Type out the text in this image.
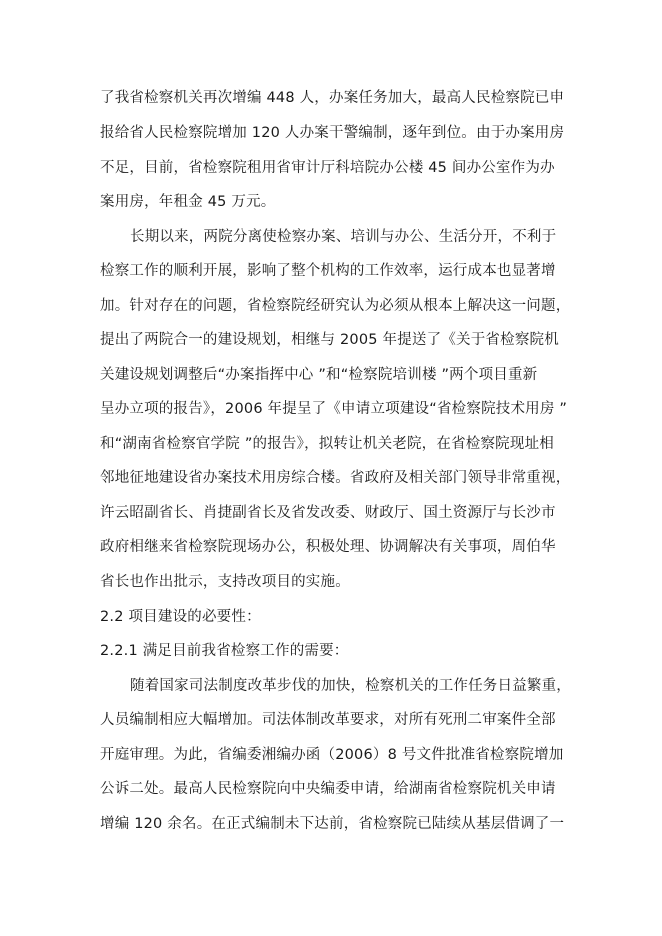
了我省检察机关再次增编 448 人，办案任务加大，最高人民检察院已申
报给省人民检察院增加 120 人办案干警编制，逐年到位。由于办案用房
不足，目前，省检察院租用省审计厅科培院办公楼 45 间办公室作为办
案用房，年租金 45 万元。
长期以来，两院分离使检察办案、培训与办公、生活分开，不利于
检察工作的顺利开展，影响了整个机构的工作效率，运行成本也显著增
加。针对存在的问题，省检察院经研究认为必须从根本上解决这一问题，
提出了两院合一的建设规划，相继与 2005 年提送了《关于省检察院机
关建设规划调整后“办案指挥中心 ”和“检察院培训楼 ”两个项目重新
呈办立项的报告》，2006 年提呈了《申请立项建设“省检察院技术用房 ”
和“湖南省检察官学院 ”的报告》，拟转让机关老院，在省检察院现址相
邻地征地建设省办案技术用房综合楼。省政府及相关部门领导非常重视，
许云昭副省长、肖捷副省长及省发改委、财政厅、国土资源厅与长沙市
政府相继来省检察院现场办公，积极处理、协调解决有关事项，周伯华
省长也作出批示，支持改项目的实施。
2.2 项目建设的必要性：
2.2.1 满足目前我省检察工作的需要：
随着国家司法制度改革步伐的加快，检察机关的工作任务日益繁重，
人员编制相应大幅增加。司法体制改革要求，对所有死刑二审案件全部
开庭审理。为此，省编委湘编办函（2006）8 号文件批准省检察院增加
公诉二处。最高人民检察院向中央编委申请，给湖南省检察院机关申请
增编 120 余名。在正式编制未下达前，省检察院已陆续从基层借调了一
